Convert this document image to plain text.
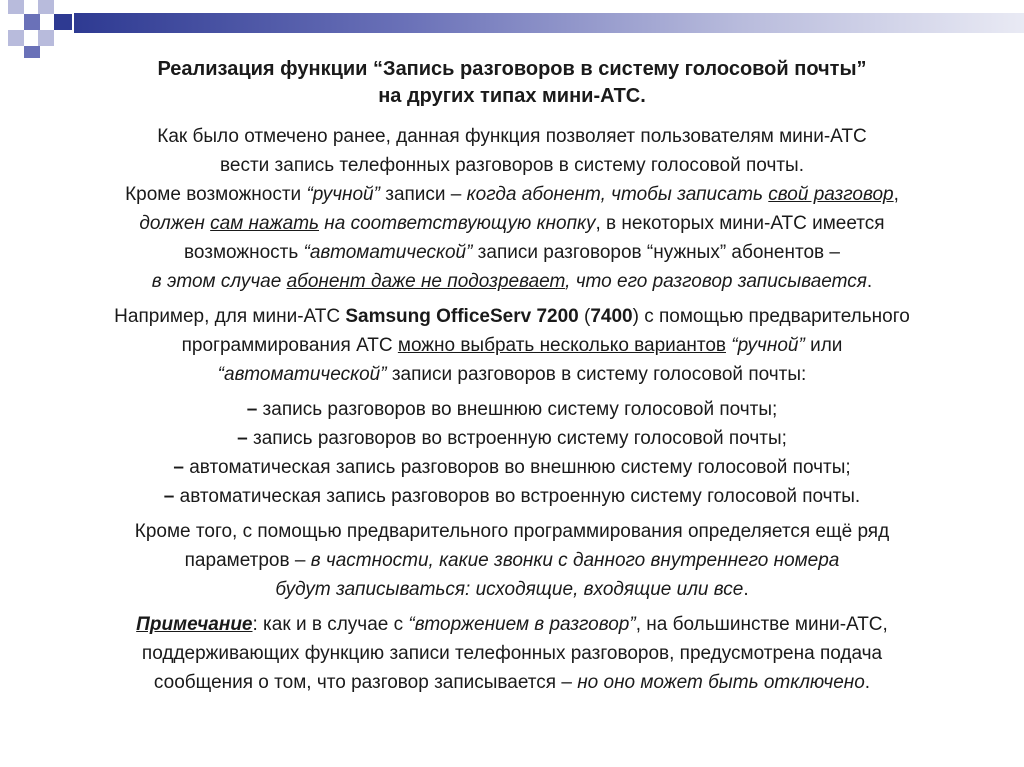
Реализация функции “Запись разговоров в систему голосовой почты”
на других типах мини-АТС.

Как было отмечено ранее, данная функция позволяет пользователям мини-АТС
вести запись телефонных разговоров в систему голосовой почты.

Кроме возможности “ручной” записи – когда абонент, чтобы записать свой разговор,
должен сам нажать на соответствующую кнопку, в некоторых мини-АТС имеется
возможность “автоматической” записи разговоров “нужных” абонентов –
в этом случае абонент даже не подозревает, что его разговор записывается.

Например, для мини-АТС Samsung OfficeServ 7200 (7400) с помощью предварительного
программирования АТС можно выбрать несколько вариантов “ручной” или
“автоматической” записи разговоров в систему голосовой почты:

– запись разговоров во внешнюю систему голосовой почты;
– запись разговоров во встроенную систему голосовой почты;
– автоматическая запись разговоров во внешнюю систему голосовой почты;
– автоматическая запись разговоров во встроенную систему голосовой почты.

Кроме того, с помощью предварительного программирования определяется ещё ряд
параметров – в частности, какие звонки с данного внутреннего номера
будут записываться: исходящие, входящие или все.

Примечание: как и в случае с “вторжением в разговор”, на большинстве мини-АТС,
поддерживающих функцию записи телефонных разговоров, предусмотрена подача
сообщения о том, что разговор записывается – но оно может быть отключено.
